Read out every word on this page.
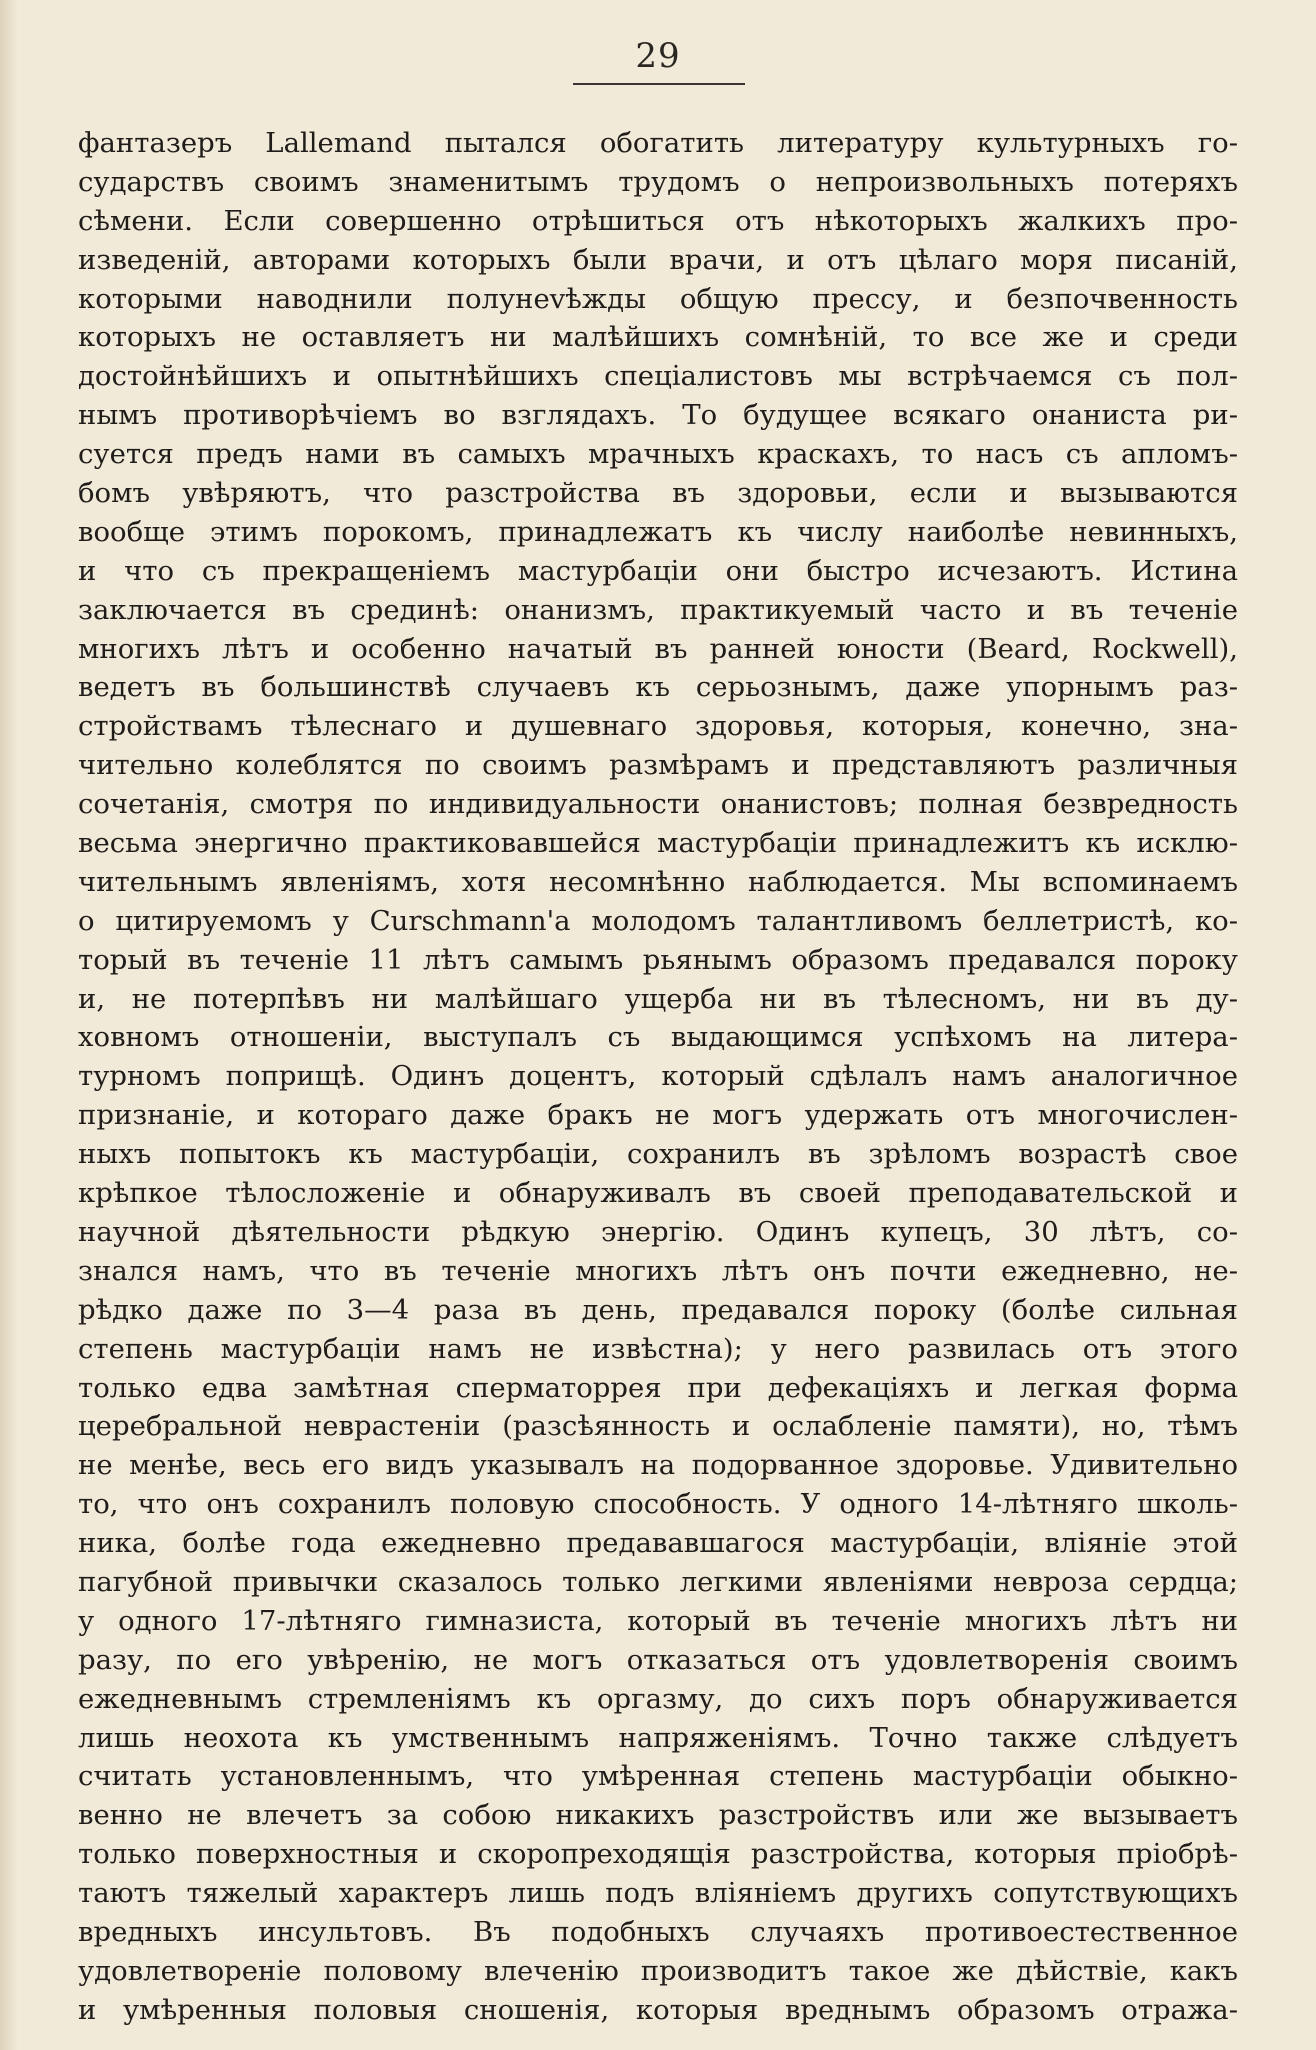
29
фантазеръ Lallemand пытался обогатить литературу культурныхъ го-
сударствъ своимъ знаменитымъ трудомъ о непроизвольныхъ потеряхъ
сѣмени. Если совершенно отрѣшиться отъ нѣкоторыхъ жалкихъ про-
изведеній, авторами которыхъ были врачи, и отъ цѣлаго моря писаній,
которыми наводнили полунevѣжды общую прессу, и безпочвенность
которыхъ не оставляетъ ни малѣйшихъ сомнѣній, то все же и среди
достойнѣйшихъ и опытнѣйшихъ спеціалистовъ мы встрѣчаемся съ пол-
нымъ противорѣчіемъ во взглядахъ. То будущее всякаго онаниста ри-
суется предъ нами въ самыхъ мрачныхъ краскахъ, то насъ съ апломъ-
бомъ увѣряютъ, что разстройства въ здоровьи, если и вызываются
вообще этимъ порокомъ, принадлежатъ къ числу наиболѣе невинныхъ,
и что съ прекращеніемъ мастурбаціи они быстро исчезаютъ. Истина
заключается въ срединѣ: онанизмъ, практикуемый часто и въ теченіе
многихъ лѣтъ и особенно начатый въ ранней юности (Beard, Rockwell),
ведетъ въ большинствѣ случаевъ къ серьознымъ, даже упорнымъ раз-
стройствамъ тѣлеснаго и душевнаго здоровья, которыя, конечно, зна-
чительно колеблятся по своимъ размѣрамъ и представляютъ различныя
сочетанія, смотря по индивидуальности онанистовъ; полная безвредность
весьма энергично практиковавшейся мастурбаціи принадлежитъ къ исклю-
чительнымъ явленіямъ, хотя несомнѣнно наблюдается. Мы вспоминаемъ
о цитируемомъ у Curschmann'а молодомъ талантливомъ беллетристѣ, ко-
торый въ теченіе 11 лѣтъ самымъ рьянымъ образомъ предавался пороку
и, не потерпѣвъ ни малѣйшаго ущерба ни въ тѣлесномъ, ни въ ду-
ховномъ отношеніи, выступалъ съ выдающимся успѣхомъ на литера-
турномъ поприщѣ. Одинъ доцентъ, который сдѣлалъ намъ аналогичное
признаніе, и котораго даже бракъ не могъ удержать отъ многочислен-
ныхъ попытокъ къ мастурбаціи, сохранилъ въ зрѣломъ возрастѣ свое
крѣпкое тѣлосложеніе и обнаруживалъ въ своей преподавательской и
научной дѣятельности рѣдкую энергію. Одинъ купецъ, 30 лѣтъ, со-
знался намъ, что въ теченіе многихъ лѣтъ онъ почти ежедневно, не-
рѣдко даже по 3—4 раза въ день, предавался пороку (болѣе сильная
степень мастурбаціи намъ не извѣстна); у него развилась отъ этого
только едва замѣтная сперматоррея при дефекаціяхъ и легкая форма
церебральной неврастеніи (разсѣянность и ослабленіе памяти), но, тѣмъ
не менѣе, весь его видъ указывалъ на подорванное здоровье. Удивительно
то, что онъ сохранилъ половую способность. У одного 14-лѣтняго школь-
ника, болѣе года ежедневно предававшагося мастурбаціи, вліяніе этой
пагубной привычки сказалось только легкими явленіями невроза сердца;
у одного 17-лѣтняго гимназиста, который въ теченіе многихъ лѣтъ ни
разу, по его увѣренію, не могъ отказаться отъ удовлетворенія своимъ
ежедневнымъ стремленіямъ къ оргазму, до сихъ поръ обнаруживается
лишь неохота къ умственнымъ напряженіямъ. Точно также слѣдуетъ
считать установленнымъ, что умѣренная степень мастурбаціи обыкно-
венно не влечетъ за собою никакихъ разстройствъ или же вызываетъ
только поверхностныя и скоропреходящія разстройства, которыя пріобрѣ-
таютъ тяжелый характеръ лишь подъ вліяніемъ другихъ сопутствующихъ
вредныхъ инсультовъ. Въ подобныхъ случаяхъ противоестественное
удовлетвореніе половому влеченію производитъ такое же дѣйствіе, какъ
и умѣренныя половыя сношенія, которыя вреднымъ образомъ отража-
